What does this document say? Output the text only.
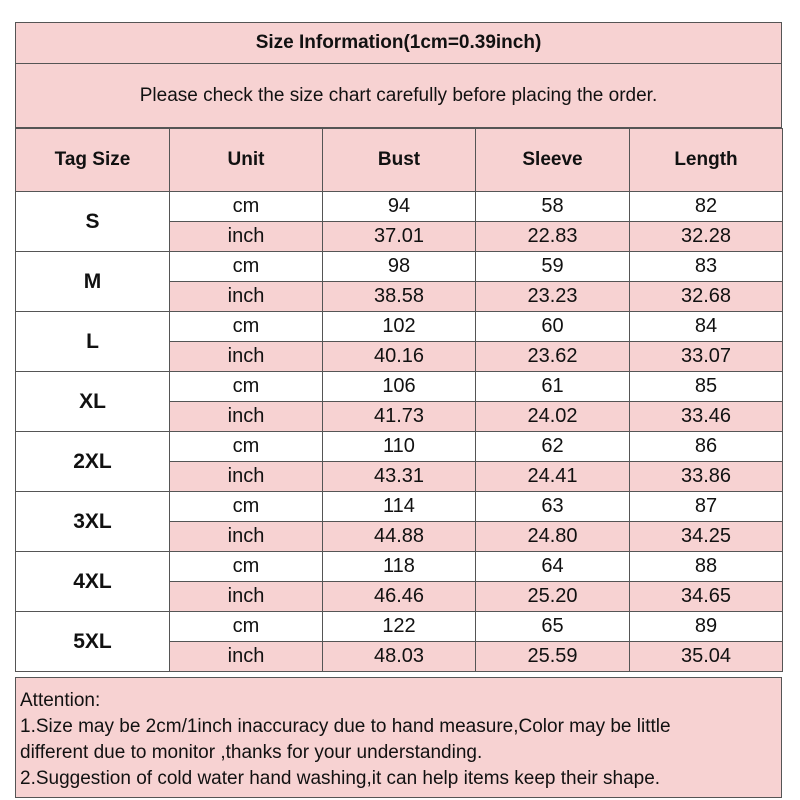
Size Information(1cm=0.39inch)
Please check the size chart carefully before placing the order.
Tag Size	Unit	Bust	Sleeve	Length
S	cm	94	58	82
	inch	37.01	22.83	32.28
M	cm	98	59	83
	inch	38.58	23.23	32.68
L	cm	102	60	84
	inch	40.16	23.62	33.07
XL	cm	106	61	85
	inch	41.73	24.02	33.46
2XL	cm	110	62	86
	inch	43.31	24.41	33.86
3XL	cm	114	63	87
	inch	44.88	24.80	34.25
4XL	cm	118	64	88
	inch	46.46	25.20	34.65
5XL	cm	122	65	89
	inch	48.03	25.59	35.04
Attention:
1.Size may be 2cm/1inch inaccuracy due to hand measure,Color may be little
different due to monitor ,thanks for your understanding.
2.Suggestion of cold water hand washing,it can help items keep their shape.
